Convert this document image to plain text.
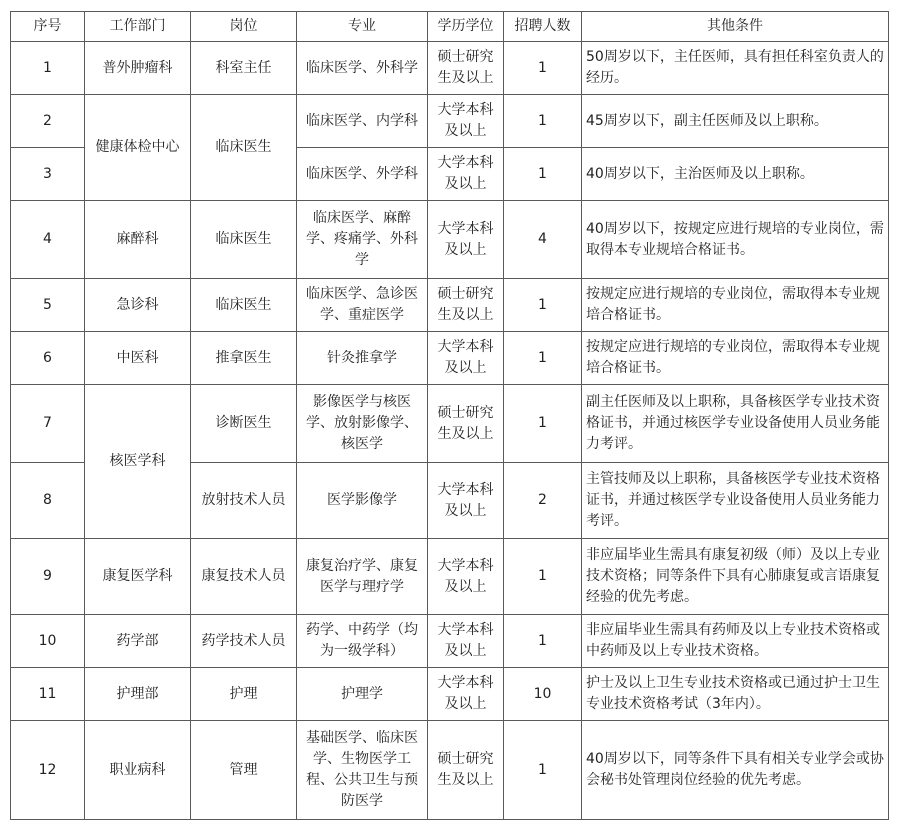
序号	工作部门	岗位	专业	学历学位	招聘人数	其他条件
1	普外肿瘤科	科室主任	临床医学、外科学	硕士研究生及以上	1	50周岁以下，主任医师，具有担任科室负责人的经历。
2	健康体检中心	临床医生	临床医学、内学科	大学本科及以上	1	45周岁以下，副主任医师及以上职称。
3			临床医学、外学科	大学本科及以上	1	40周岁以下，主治医师及以上职称。
4	麻醉科	临床医生	临床医学、麻醉学、疼痛学、外科学	大学本科及以上	4	40周岁以下，按规定应进行规培的专业岗位，需取得本专业规培合格证书。
5	急诊科	临床医生	临床医学、急诊医学、重症医学	硕士研究生及以上	1	按规定应进行规培的专业岗位，需取得本专业规培合格证书。
6	中医科	推拿医生	针灸推拿学	大学本科及以上	1	按规定应进行规培的专业岗位，需取得本专业规培合格证书。
7	核医学科	诊断医生	影像医学与核医学、放射影像学、核医学	硕士研究生及以上	1	副主任医师及以上职称，具备核医学专业技术资格证书，并通过核医学专业设备使用人员业务能力考评。
8		放射技术人员	医学影像学	大学本科及以上	2	主管技师及以上职称，具备核医学专业技术资格证书，并通过核医学专业设备使用人员业务能力考评。
9	康复医学科	康复技术人员	康复治疗学、康复医学与理疗学	大学本科及以上	1	非应届毕业生需具有康复初级（师）及以上专业技术资格；同等条件下具有心肺康复或言语康复经验的优先考虑。
10	药学部	药学技术人员	药学、中药学（均为一级学科）	大学本科及以上	1	非应届毕业生需具有药师及以上专业技术资格或中药师及以上专业技术资格。
11	护理部	护理	护理学	大学本科及以上	10	护士及以上卫生专业技术资格或已通过护士卫生专业技术资格考试（3年内）。
12	职业病科	管理	基础医学、临床医学、生物医学工程、公共卫生与预防医学	硕士研究生及以上	1	40周岁以下，同等条件下具有相关专业学会或协会秘书处管理岗位经验的优先考虑。
